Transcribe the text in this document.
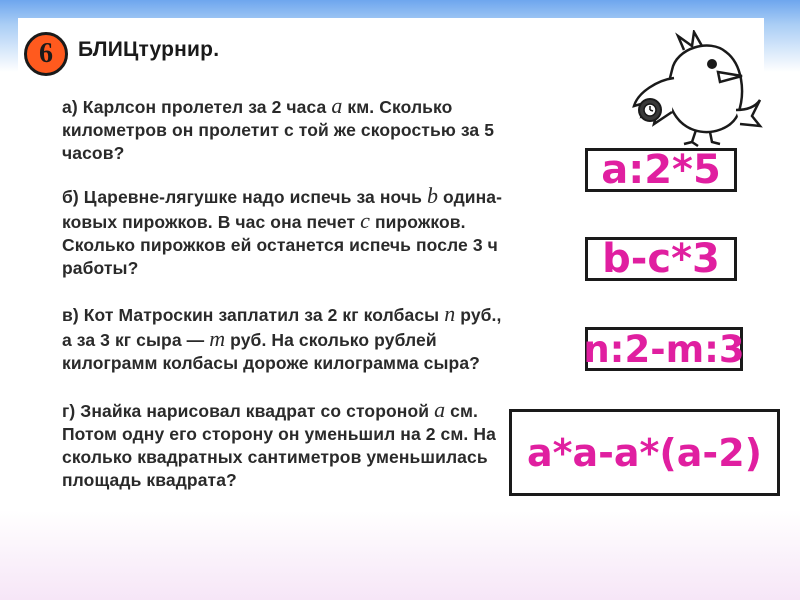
6	БЛИЦтурнир.
а) Карлсон пролетел за 2 часа a км. Сколько
километров он пролетит с той же скоростью за 5
часов?
б) Царевне-лягушке надо испечь за ночь b одина-
ковых пирожков. В час она печет c пирожков.
Сколько пирожков ей останется испечь после 3 ч
работы?
в) Кот Матроскин заплатил за 2 кг колбасы n руб.,
а за 3 кг сыра — m руб. На сколько рублей
килограмм колбасы дороже килограмма сыра?
г) Знайка нарисовал квадрат со стороной a см.
Потом одну его сторону он уменьшил на 2 см. На
сколько квадратных сантиметров уменьшилась
площадь квадрата?
a:2*5
b-c*3
n:2-m:3
a*a-a*(a-2)
